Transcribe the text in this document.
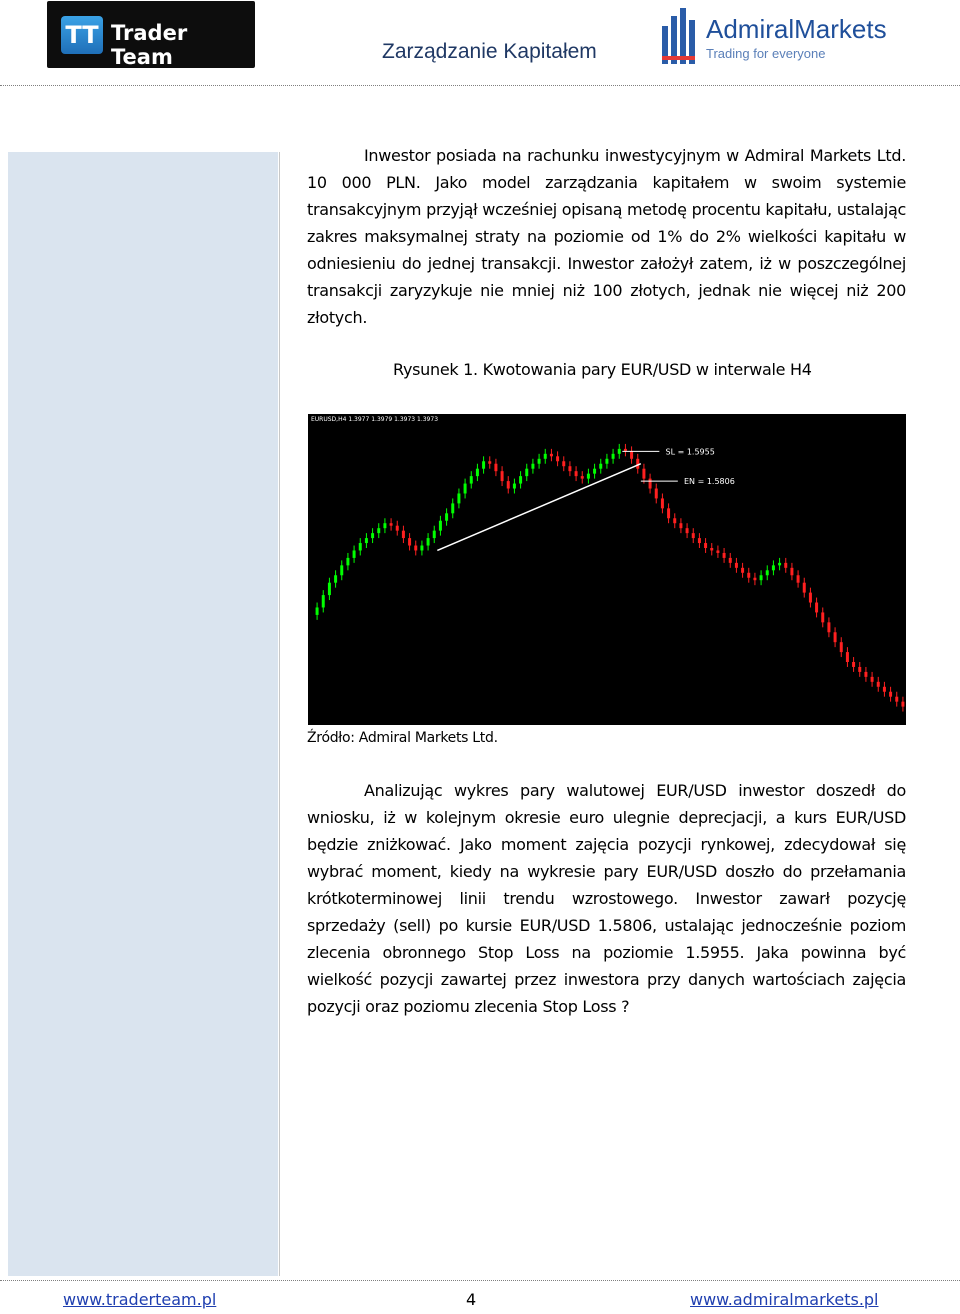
TT Trader Team	Zarządzanie Kapitałem
AdmiralMarkets
Trading for everyone

Inwestor posiada na rachunku inwestycyjnym w Admiral Markets Ltd. 10 000 PLN. Jako model zarządzania kapitałem w swoim systemie transakcyjnym przyjął wcześniej opisaną metodę procentu kapitału, ustalając zakres maksymalnej straty na poziomie od 1% do 2% wielkości kapitału w odniesieniu do jednej transakcji. Inwestor założył zatem, iż w poszczególnej transakcji zaryzykuje nie mniej niż 100 złotych, jednak nie więcej niż 200 złotych.

Rysunek 1. Kwotowania pary EUR/USD w interwale H4
EURUSD,H4 1.3977 1.3979 1.3973 1.3973
SL = 1.5955
EN = 1.5806
Źródło: Admiral Markets Ltd.

Analizując wykres pary walutowej EUR/USD inwestor doszedł do wniosku, iż w kolejnym okresie euro ulegnie deprecjacji, a kurs EUR/USD będzie zniżkować. Jako moment zajęcia pozycji rynkowej, zdecydował się wybrać moment, kiedy na wykresie pary EUR/USD doszło do przełamania krótkoterminowej linii trendu wzrostowego. Inwestor zawarł pozycję sprzedaży (sell) po kursie EUR/USD 1.5806, ustalając jednocześnie poziom zlecenia obronnego Stop Loss na poziomie 1.5955. Jaka powinna być wielkość pozycji zawartej przez inwestora przy danych wartościach zajęcia pozycji oraz poziomu zlecenia Stop Loss ?

www.traderteam.pl	4	www.admiralmarkets.pl
